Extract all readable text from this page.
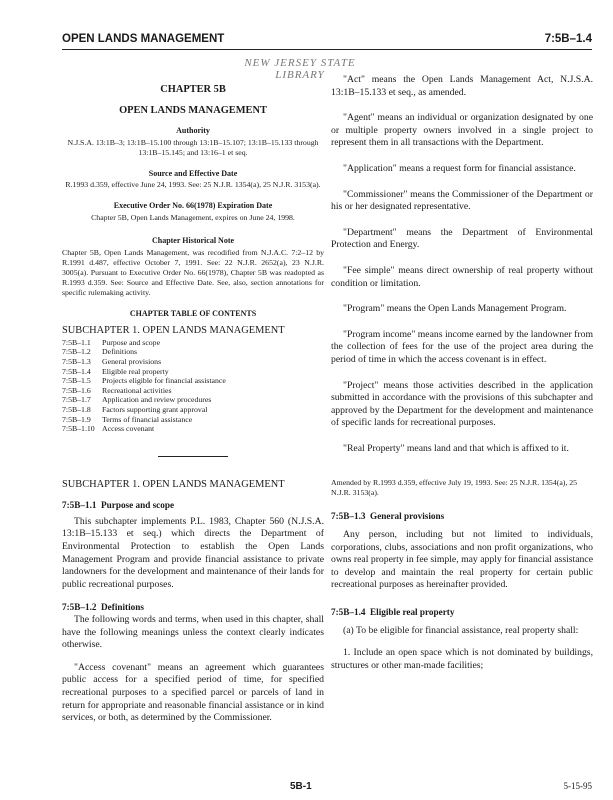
OPEN LANDS MANAGEMENT	7:5B–1.4
NEW JERSEY STATE LIBRARY
CHAPTER 5B
OPEN LANDS MANAGEMENT
Authority

N.J.S.A. 13:1B–3; 13:1B–15.100 through 13:1B–15.107; 13:1B–15.133 through 13:1B–15.145; and 13:16–1 et seq.

Source and Effective Date

R.1993 d.359, effective June 24, 1993. See: 25 N.J.R. 1354(a), 25 N.J.R. 3153(a).

Executive Order No. 66(1978) Expiration Date

Chapter 5B, Open Lands Management, expires on June 24, 1998.

Chapter Historical Note

Chapter 5B, Open Lands Management, was recodified from N.J.A.C. 7:2–12 by R.1991 d.487, effective October 7, 1991. See: 22 N.J.R. 2652(a), 23 N.J.R. 3005(a). Pursuant to Executive Order No. 66(1978), Chapter 5B was readopted as R.1993 d.359. See: Source and Effective Date. See, also, section annotations for specific rulemaking activity.

CHAPTER TABLE OF CONTENTS
SUBCHAPTER 1. OPEN LANDS MANAGEMENT
7:5B–1.1	Purpose and scope
7:5B–1.2	Definitions
7:5B–1.3	General provisions
7:5B–1.4	Eligible real property
7:5B–1.5	Projects eligible for financial assistance
7:5B–1.6	Recreational activities
7:5B–1.7	Application and review procedures
7:5B–1.8	Factors supporting grant approval
7:5B–1.9	Terms of financial assistance
7:5B–1.10	Access covenant
SUBCHAPTER 1. OPEN LANDS MANAGEMENT
7:5B–1.1 Purpose and scope

This subchapter implements P.L. 1983, Chapter 560 (N.J.S.A. 13:1B–15.133 et seq.) which directs the Department of Environmental Protection to establish the Open Lands Management Program and provide financial assistance to private landowners for the development and maintenance of their lands for public recreational purposes.

7:5B–1.2 Definitions

The following words and terms, when used in this chapter, shall have the following meanings unless the context clearly indicates otherwise.

"Access covenant" means an agreement which guarantees public access for a specified period of time, for specified recreational purposes to a specified parcel or parcels of land in return for appropriate and reasonable financial assistance or in kind services, or both, as determined by the Commissioner.

"Act" means the Open Lands Management Act, N.J.S.A. 13:1B–15.133 et seq., as amended.

"Agent" means an individual or organization designated by one or multiple property owners involved in a single project to represent them in all transactions with the Department.

"Application" means a request form for financial assistance.

"Commissioner" means the Commissioner of the Department or his or her designated representative.

"Department" means the Department of Environmental Protection and Energy.

"Fee simple" means direct ownership of real property without condition or limitation.

"Program" means the Open Lands Management Program.

"Program income" means income earned by the landowner from the collection of fees for the use of the project area during the period of time in which the access covenant is in effect.

"Project" means those activities described in the application submitted in accordance with the provisions of this subchapter and approved by the Department for the development and maintenance of specific lands for recreational purposes.

"Real Property" means land and that which is affixed to it.

Amended by R.1993 d.359, effective July 19, 1993. See: 25 N.J.R. 1354(a), 25 N.J.R. 3153(a).

7:5B–1.3 General provisions

Any person, including but not limited to individuals, corporations, clubs, associations and non profit organizations, who owns real property in fee simple, may apply for financial assistance to develop and maintain the real property for certain public recreational purposes as hereinafter provided.

7:5B–1.4 Eligible real property

(a) To be eligible for financial assistance, real property shall:

1. Include an open space which is not dominated by buildings, structures or other man-made facilities;

5B-1	5-15-95
